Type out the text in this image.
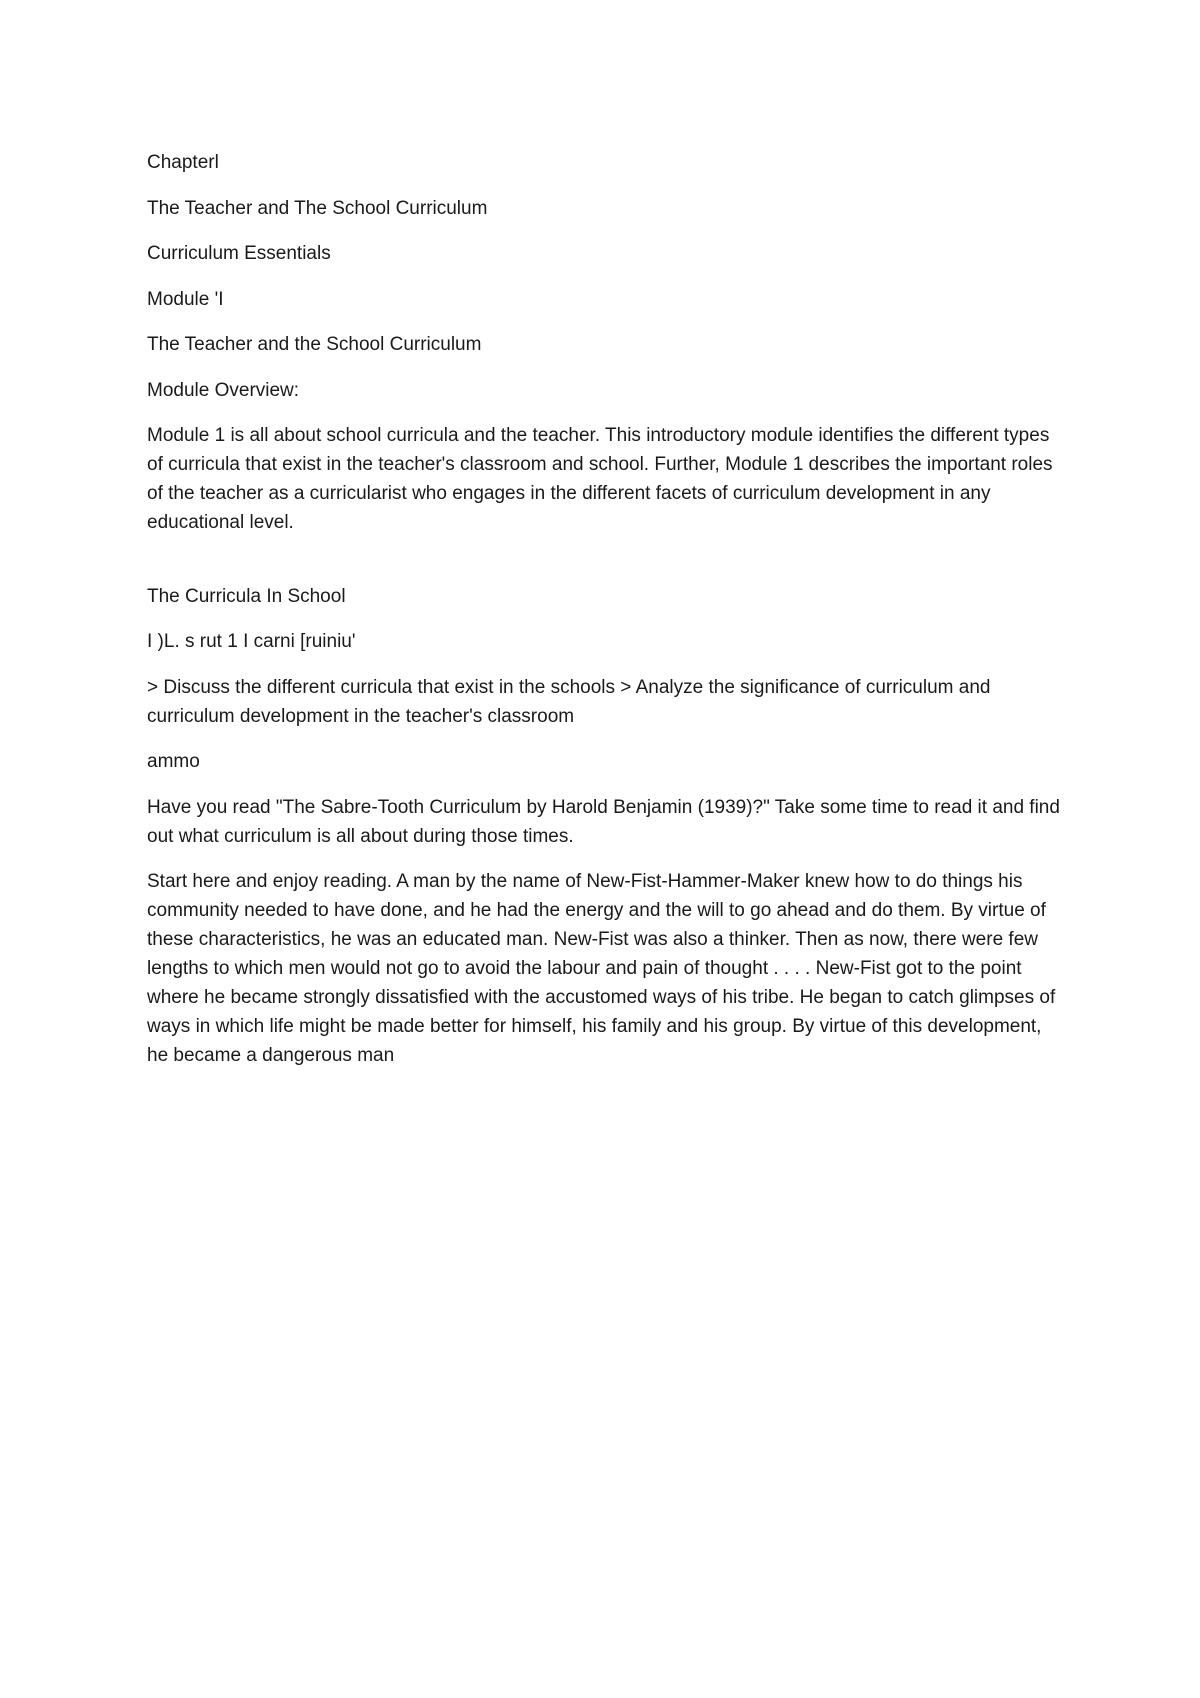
Chapterl

The Teacher and The School Curriculum

Curriculum Essentials

Module 'I

The Teacher and the School Curriculum

Module Overview:

Module 1 is all about school curricula and the teacher. This introductory module identifies the different types of curricula that exist in the teacher's classroom and school. Further, Module 1 describes the important roles of the teacher as a curricularist who engages in the different facets of curriculum development in any educational level.

The Curricula In School

I )L. s rut 1 I carni [ruiniu'

> Discuss the different curricula that exist in the schools > Analyze the significance of curriculum and curriculum development in the teacher's classroom

ammo

Have you read "The Sabre-Tooth Curriculum by Harold Benjamin (1939)?" Take some time to read it and find out what curriculum is all about during those times.

Start here and enjoy reading. A man by the name of New-Fist-Hammer-Maker knew how to do things his community needed to have done, and he had the energy and the will to go ahead and do them. By virtue of these characteristics, he was an educated man. New-Fist was also a thinker. Then as now, there were few lengths to which men would not go to avoid the labour and pain of thought . . . . New-Fist got to the point where he became strongly dissatisfied with the accustomed ways of his tribe. He began to catch glimpses of ways in which life might be made better for himself, his family and his group. By virtue of this development, he became a dangerous man
